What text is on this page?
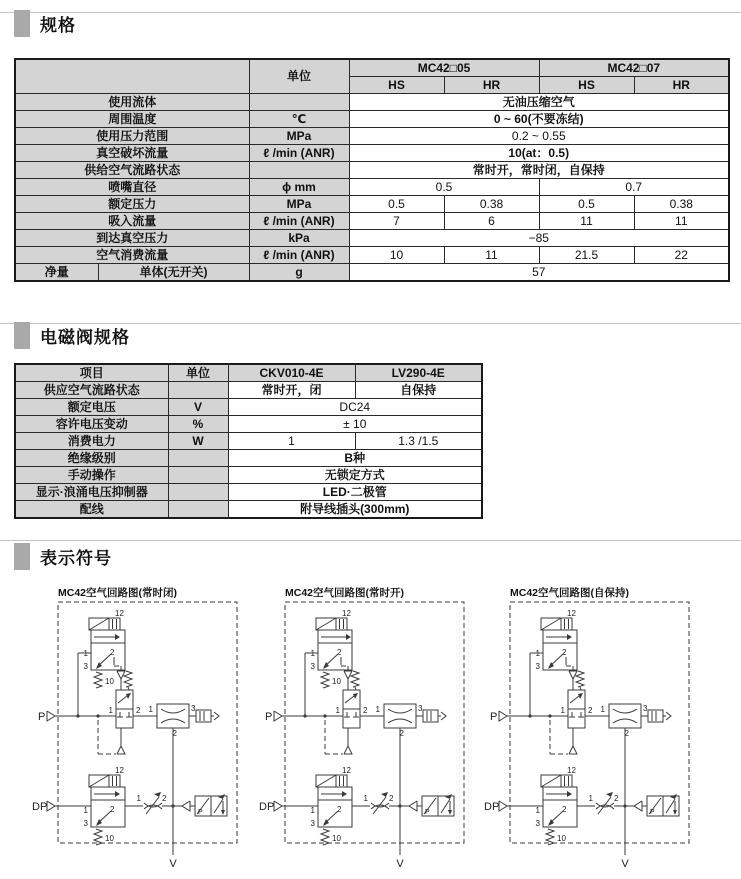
规格
		单位	MC42□05		MC42□07	
			HS	HR	HS	HR
使用流体			无油压缩空气			
周围温度		℃	0 ~ 60(不要冻结)			
使用压力范围		MPa	0.2 ~ 0.55			
真空破坏流量		ℓ /min (ANR)	10(at：0.5)			
供给空气流路状态			常时开，常时闭，自保持			
喷嘴直径		ϕ mm	0.5		0.7	
额定压力		MPa	0.5	0.38	0.5	0.38
吸入流量		ℓ /min (ANR)	7	6	11	11
到达真空压力		kPa	−85			
空气消费流量		ℓ /min (ANR)	10	11	21.5	22
净量	单体(无开关)	g	57			
电磁阀规格
项目	单位	CKV010-4E	LV290-4E
供应空气流路状态		常时开，闭	自保持
额定电压	V	DC24	
容许电压变动	%	± 10	
消费电力	W	1	1.3 /1.5
绝缘级别		B种	
手动操作		无锁定方式	
显示·浪涌电压抑制器		LED·二极管	
配线		附导线插头(300mm)	
表示符号
MC42空气回路图(常时闭)
P
12
1	2
3
10
1	2 1	3
2
V
12
1	2
3
10
DP
1	2
P
MC42空气回路图(常时开)
P
12
1	2
3
10
1	2 1	3
2
V
12
1	2
3
10
DP
1	2
P
MC42空气回路图(自保持)
P
12
1	2
3
1	2 1	3
2
V
12
1	2
3
10
DP
1	2
P
